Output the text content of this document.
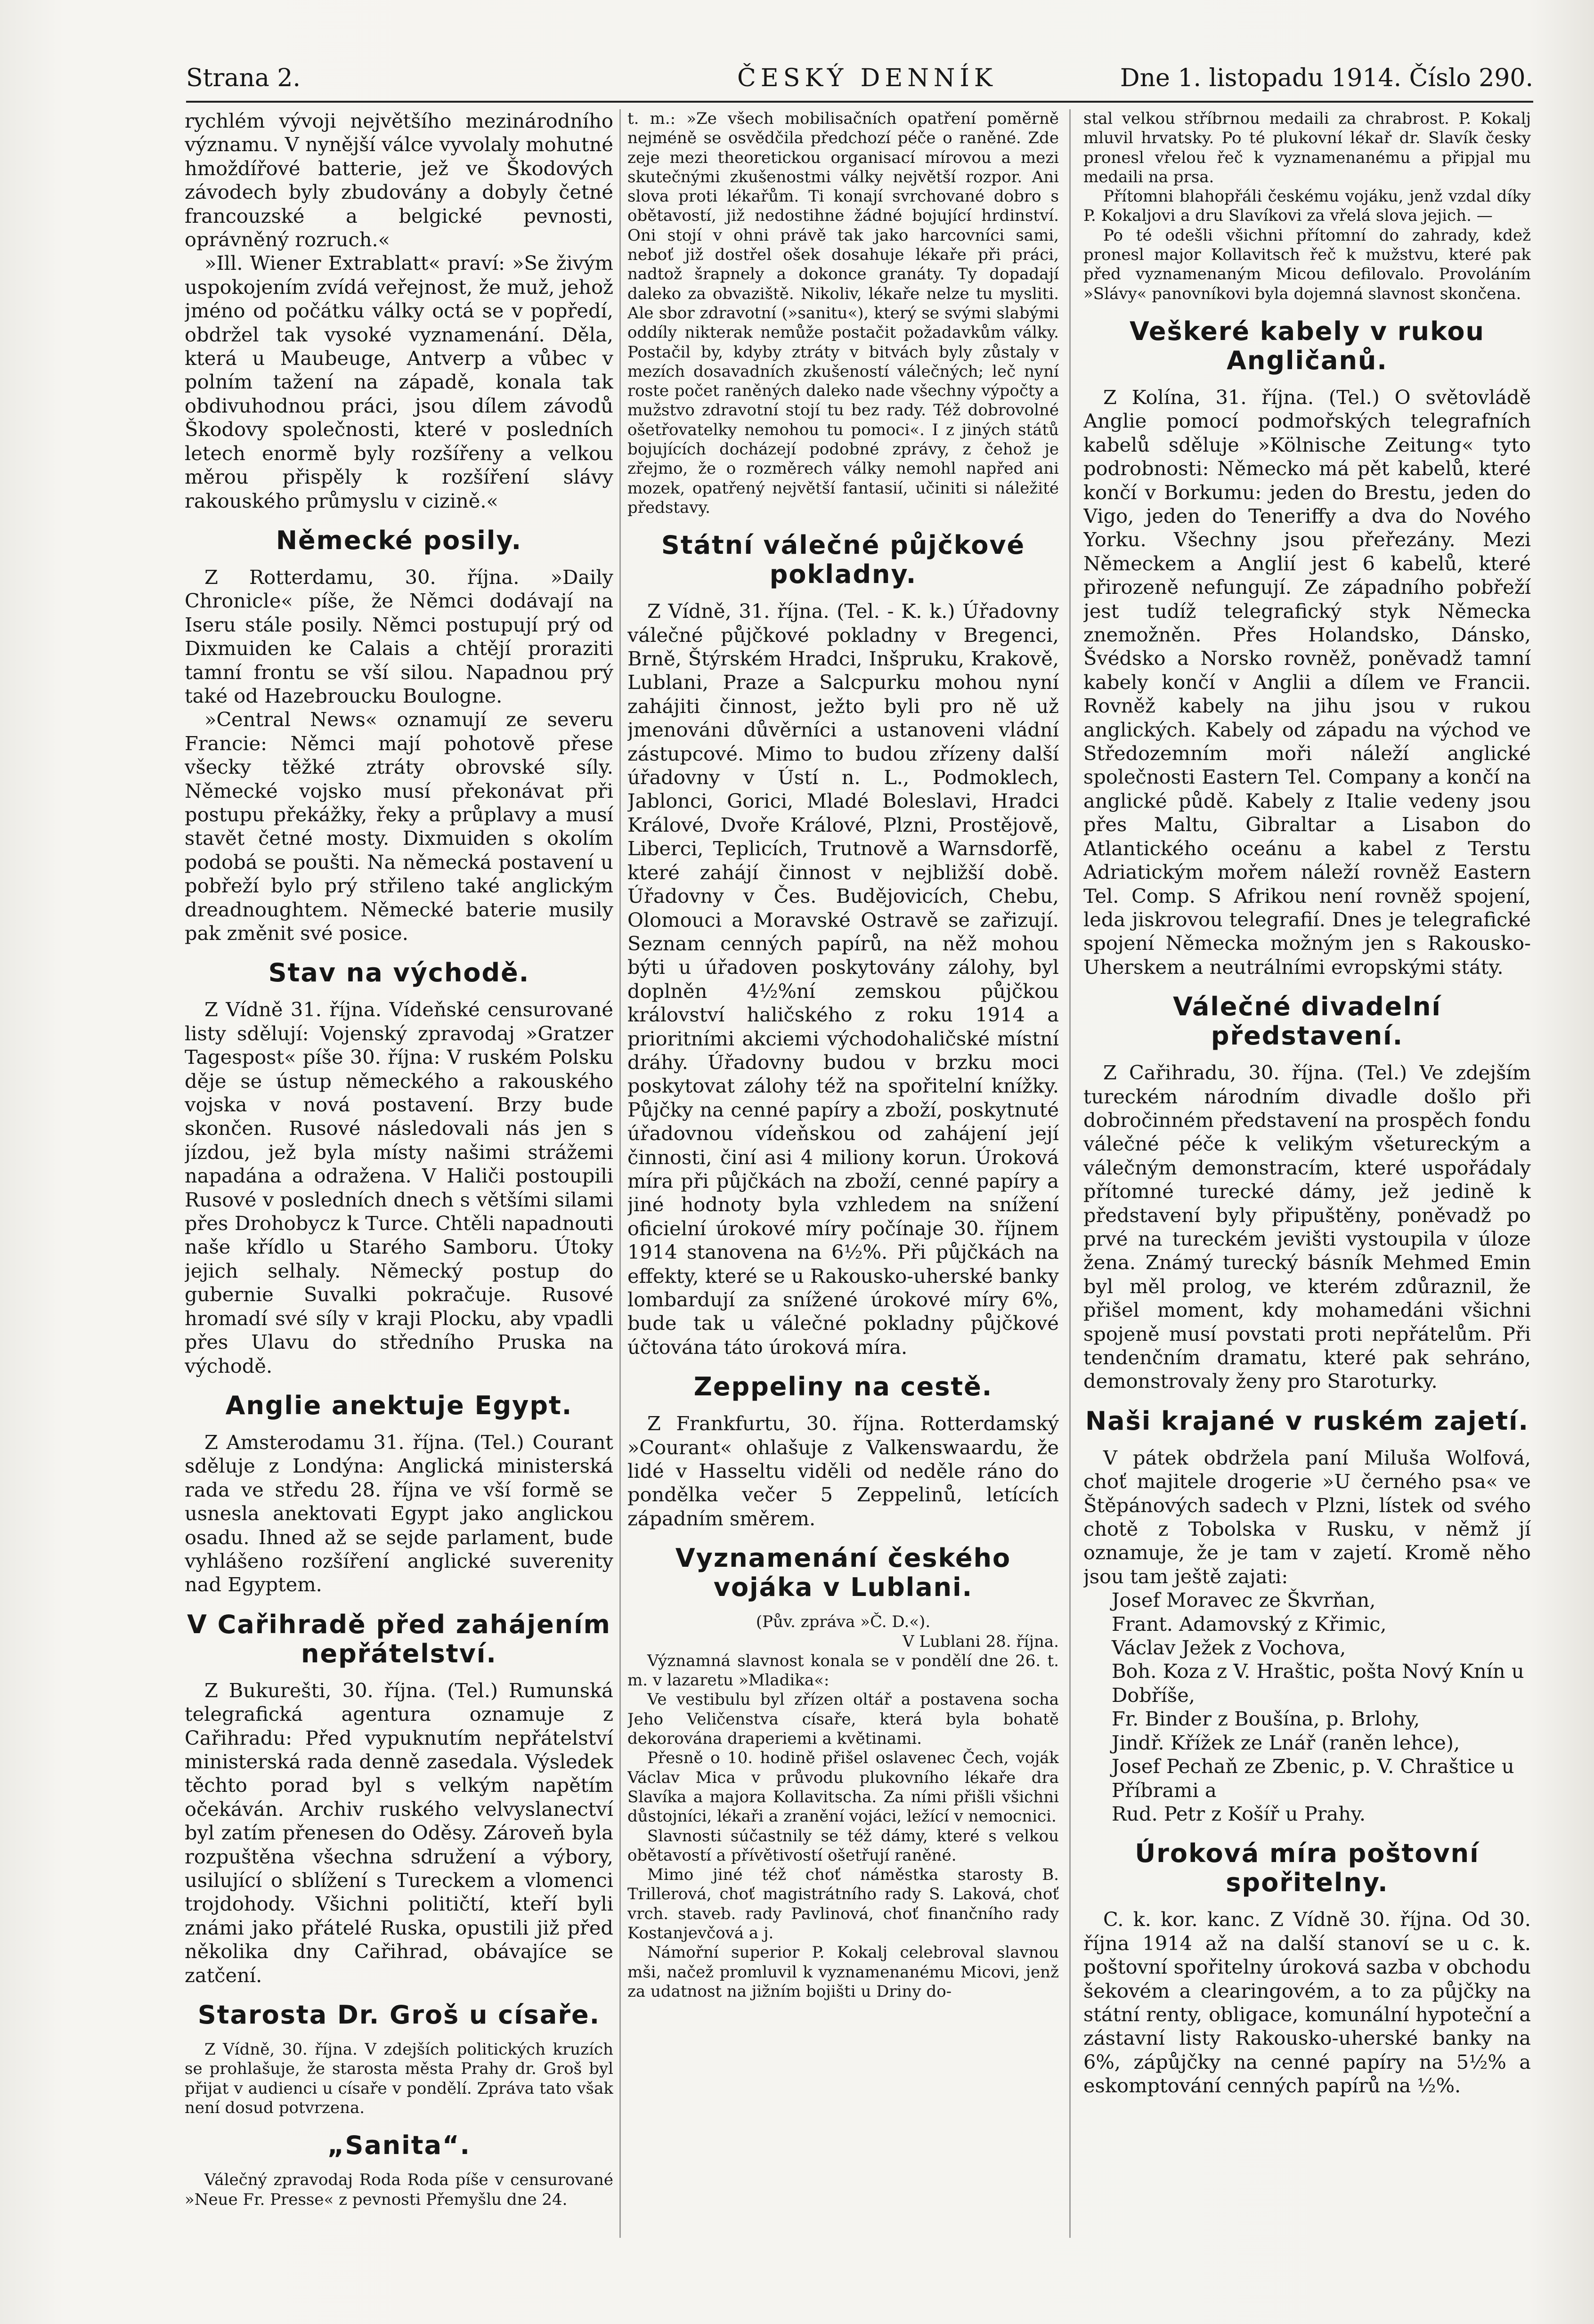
Strana 2.	ČESKÝ DENNÍK	Dne 1. listopadu 1914. Číslo 290.

rychlém vývoji největšího mezinárodního významu. V nynější válce vyvolaly mohutné hmoždířové batterie, jež ve Škodových závodech byly zbudovány a dobyly četné francouzské a belgické pevnosti, oprávněný rozruch.«

»Ill. Wiener Extrablatt« praví: »Se živým uspokojením zvídá veřejnost, že muž, jehož jméno od počátku války octá se v popředí, obdržel tak vysoké vyznamenání. Děla, která u Maubeuge, Antverp a vůbec v polním tažení na západě, konala tak obdivuhodnou práci, jsou dílem závodů Škodovy společnosti, které v posledních letech enormě byly rozšířeny a velkou měrou přispěly k rozšíření slávy rakouského průmyslu v cizině.«

Německé posily.

Z Rotterdamu, 30. října. »Daily Chronicle« píše, že Němci dodávají na Iseru stále posily. Němci postupují prý od Dixmuiden ke Calais a chtějí proraziti tamní frontu se vší silou. Napadnou prý také od Hazebroucku Boulogne.

»Central News« oznamují ze severu Francie: Němci mají pohotově přese všecky těžké ztráty obrovské síly. Německé vojsko musí překonávat při postupu překážky, řeky a průplavy a musí stavět četné mosty. Dixmuiden s okolím podobá se poušti. Na německá postavení u pobřeží bylo prý střileno také anglickým dreadnoughtem. Německé baterie musily pak změnit své posice.

Stav na východě.

Z Vídně 31. října. Vídeňské censurované listy sdělují: Vojenský zpravodaj »Gratzer Tagespost« píše 30. října: V ruském Polsku děje se ústup německého a rakouského vojska v nová postavení. Brzy bude skončen. Rusové následovali nás jen s jízdou, jež byla místy našimi strážemi napadána a odražena. V Haliči postoupili Rusové v posledních dnech s většími silami přes Drohobycz k Turce. Chtěli napadnouti naše křídlo u Starého Samboru. Útoky jejich selhaly. Německý postup do gubernie Suvalki pokračuje. Rusové hromadí své síly v kraji Plocku, aby vpadli přes Ulavu do středního Pruska na východě.

Anglie anektuje Egypt.

Z Amsterodamu 31. října. (Tel.) Courant sděluje z Londýna: Anglická ministerská rada ve středu 28. října ve vší formě se usnesla anektovati Egypt jako anglickou osadu. Ihned až se sejde parlament, bude vyhlášeno rozšíření anglické suverenity nad Egyptem.

V Cařihradě před zahájením nepřátelství.

Z Bukurešti, 30. října. (Tel.) Rumunská telegrafická agentura oznamuje z Cařihradu: Před vypuknutím nepřátelství ministerská rada denně zasedala. Výsledek těchto porad byl s velkým napětím očekáván. Archiv ruského velvyslanectví byl zatím přenesen do Oděsy. Zároveň byla rozpuštěna všechna sdružení a výbory, usilující o sblížení s Tureckem a vlomenci trojdohody. Všichni političtí, kteří byli známi jako přátelé Ruska, opustili již před několika dny Cařihrad, obávajíce se zatčení.

Starosta Dr. Groš u císaře.

Z Vídně, 30. října. V zdejších politických kruzích se prohlašuje, že starosta města Prahy dr. Groš byl přijat v audienci u císaře v pondělí. Zpráva tato však není dosud potvrzena.

„Sanita“.

Válečný zpravodaj Roda Roda píše v censurované »Neue Fr. Presse« z pevnosti Přemyšlu dne 24.

t. m.: »Ze všech mobilisačních opatření poměrně nejméně se osvědčila předchozí péče o raněné. Zde zeje mezi theoretickou organisací mírovou a mezi skutečnými zkušenostmi války největší rozpor. Ani slova proti lékařům. Ti konají svrchované dobro s obětavostí, již nedostihne žádné bojující hrdinství. Oni stojí v ohni právě tak jako harcovníci sami, neboť již dostřel ošek dosahuje lékaře při práci, nadtož šrapnely a dokonce granáty. Ty dopadají daleko za obvaziště. Nikoliv, lékaře nelze tu mysliti. Ale sbor zdravotní (»sanitu«), který se svými slabými oddíly nikterak nemůže postačit požadavkům války. Postačil by, kdyby ztráty v bitvách byly zůstaly v mezích dosavadních zkušeností válečných; leč nyní roste počet raněných daleko nade všechny výpočty a mužstvo zdravotní stojí tu bez rady. Též dobrovolné ošetřovatelky nemohou tu pomoci«. I z jiných států bojujících docházejí podobné zprávy, z čehož je zřejmo, že o rozměrech války nemohl napřed ani mozek, opatřený největší fantasií, učiniti si náležité představy.

Státní válečné půjčkové pokladny.

Z Vídně, 31. října. (Tel. - K. k.) Úřadovny válečné půjčkové pokladny v Bregenci, Brně, Štýrském Hradci, Inšpruku, Krakově, Lublani, Praze a Salcpurku mohou nyní zahájiti činnost, ježto byli pro ně už jmenováni důvěrníci a ustanoveni vládní zástupcové. Mimo to budou zřízeny další úřadovny v Ústí n. L., Podmoklech, Jablonci, Gorici, Mladé Boleslavi, Hradci Králové, Dvoře Králové, Plzni, Prostějově, Liberci, Teplicích, Trutnově a Warnsdorfě, které zahájí činnost v nejbližší době. Úřadovny v Čes. Budějovicích, Chebu, Olomouci a Moravské Ostravě se zařizují. Seznam cenných papírů, na něž mohou býti u úřadoven poskytovány zálohy, byl doplněn 4½%ní zemskou půjčkou království haličského z roku 1914 a prioritními akciemi východohaličské místní dráhy. Úřadovny budou v brzku moci poskytovat zálohy též na spořitelní knížky. Půjčky na cenné papíry a zboží, poskytnuté úřadovnou vídeňskou od zahájení její činnosti, činí asi 4 miliony korun. Úroková míra při půjčkách na zboží, cenné papíry a jiné hodnoty byla vzhledem na snížení oficielní úrokové míry počínaje 30. říjnem 1914 stanovena na 6½%. Při půjčkách na effekty, které se u Rakousko-uherské banky lombardují za snížené úrokové míry 6%, bude tak u válečné pokladny půjčkové účtována táto úroková míra.

Zeppeliny na cestě.

Z Frankfurtu, 30. října. Rotterdamský »Courant« ohlašuje z Valkenswaardu, že lidé v Hasseltu viděli od neděle ráno do pondělka večer 5 Zeppelinů, letících západním směrem.

Vyznamenání českého vojáka v Lublani.

(Pův. zpráva »Č. D.«).

V Lublani 28. října.

Významná slavnost konala se v pondělí dne 26. t. m. v lazaretu »Mladika«:

Ve vestibulu byl zřízen oltář a postavena socha Jeho Veličenstva císaře, která byla bohatě dekorována draperiemi a květinami.

Přesně o 10. hodině přišel oslavenec Čech, voják Václav Mica v průvodu plukovního lékaře dra Slavíka a majora Kollavitscha. Za ními přišli všichni důstojníci, lékaři a zranění vojáci, ležící v nemocnici.

Slavnosti súčastnily se též dámy, které s velkou obětavostí a přívětivostí ošetřují raněné.

Mimo jiné též choť náměstka starosty B. Trillerová, choť magistrátního rady S. Laková, choť vrch. staveb. rady Pavlinová, choť finančního rady Kostanjevčová a j.

Námořní superior P. Kokalj celebroval slavnou mši, načež promluvil k vyznamenanému Micovi, jenž za udatnost na jižním bojišti u Driny do-

stal velkou stříbrnou medaili za chrabrost. P. Kokalj mluvil hrvatsky. Po té plukovní lékař dr. Slavík česky pronesl vřelou řeč k vyznamenanému a připjal mu medaili na prsa.

Přítomni blahopřáli českému vojáku, jenž vzdal díky P. Kokaljovi a dru Slavíkovi za vřelá slova jejich. —

Po té odešli všichni přítomní do zahrady, kdež pronesl major Kollavitsch řeč k mužstvu, které pak před vyznamenaným Micou defilovalo. Provoláním »Slávy« panovníkovi byla dojemná slavnost skončena.

Veškeré kabely v rukou Angličanů.

Z Kolína, 31. října. (Tel.) O světovládě Anglie pomocí podmořských telegrafních kabelů sděluje »Kölnische Zeitung« tyto podrobnosti: Německo má pět kabelů, které končí v Borkumu: jeden do Brestu, jeden do Vigo, jeden do Teneriffy a dva do Nového Yorku. Všechny jsou přeřezány. Mezi Německem a Anglií jest 6 kabelů, které přirozeně nefungují. Ze západního pobřeží jest tudíž telegrafický styk Německa znemožněn. Přes Holandsko, Dánsko, Švédsko a Norsko rovněž, poněvadž tamní kabely končí v Anglii a dílem ve Francii. Rovněž kabely na jihu jsou v rukou anglických. Kabely od západu na východ ve Středozemním moři náleží anglické společnosti Eastern Tel. Company a končí na anglické půdě. Kabely z Italie vedeny jsou přes Maltu, Gibraltar a Lisabon do Atlantického oceánu a kabel z Terstu Adriatickým mořem náleží rovněž Eastern Tel. Comp. S Afrikou není rovněž spojení, leda jiskrovou telegrafií. Dnes je telegrafické spojení Německa možným jen s Rakousko-Uherskem a neutrálními evropskými státy.

Válečné divadelní představení.

Z Cařihradu, 30. října. (Tel.) Ve zdejším tureckém národním divadle došlo při dobročinném představení na prospěch fondu válečné péče k velikým všetureckým a válečným demonstracím, které uspořádaly přítomné turecké dámy, jež jedině k představení byly připuštěny, poněvadž po prvé na tureckém jevišti vystoupila v úloze žena. Známý turecký básník Mehmed Emin byl měl prolog, ve kterém zdůraznil, že přišel moment, kdy mohamedáni všichni spojeně musí povstati proti nepřátelům. Při tendenčním dramatu, které pak sehráno, demonstrovaly ženy pro Staroturky.

Naši krajané v ruském zajetí.

V pátek obdržela paní Miluša Wolfová, choť majitele drogerie »U černého psa« ve Štěpánových sadech v Plzni, lístek od svého chotě z Tobolska v Rusku, v němž jí oznamuje, že je tam v zajetí. Kromě něho jsou tam ještě zajati:

Josef Moravec ze Škvrňan,
Frant. Adamovský z Křimic,
Václav Ježek z Vochova,
Boh. Koza z V. Hraštic, pošta Nový Knín u Dobříše,
Fr. Binder z Boušína, p. Brlohy,
Jindř. Křížek ze Lnář (raněn lehce),
Josef Pechaň ze Zbenic, p. V. Chraštice u Příbrami a
Rud. Petr z Košíř u Prahy.
Úroková míra poštovní spořitelny.

C. k. kor. kanc. Z Vídně 30. října. Od 30. října 1914 až na další stanoví se u c. k. poštovní spořitelny úroková sazba v obchodu šekovém a clearingovém, a to za půjčky na státní renty, obligace, komunální hypoteční a zástavní listy Rakousko-uherské banky na 6%, zápůjčky na cenné papíry na 5½% a eskomptování cenných papírů na ½%.
